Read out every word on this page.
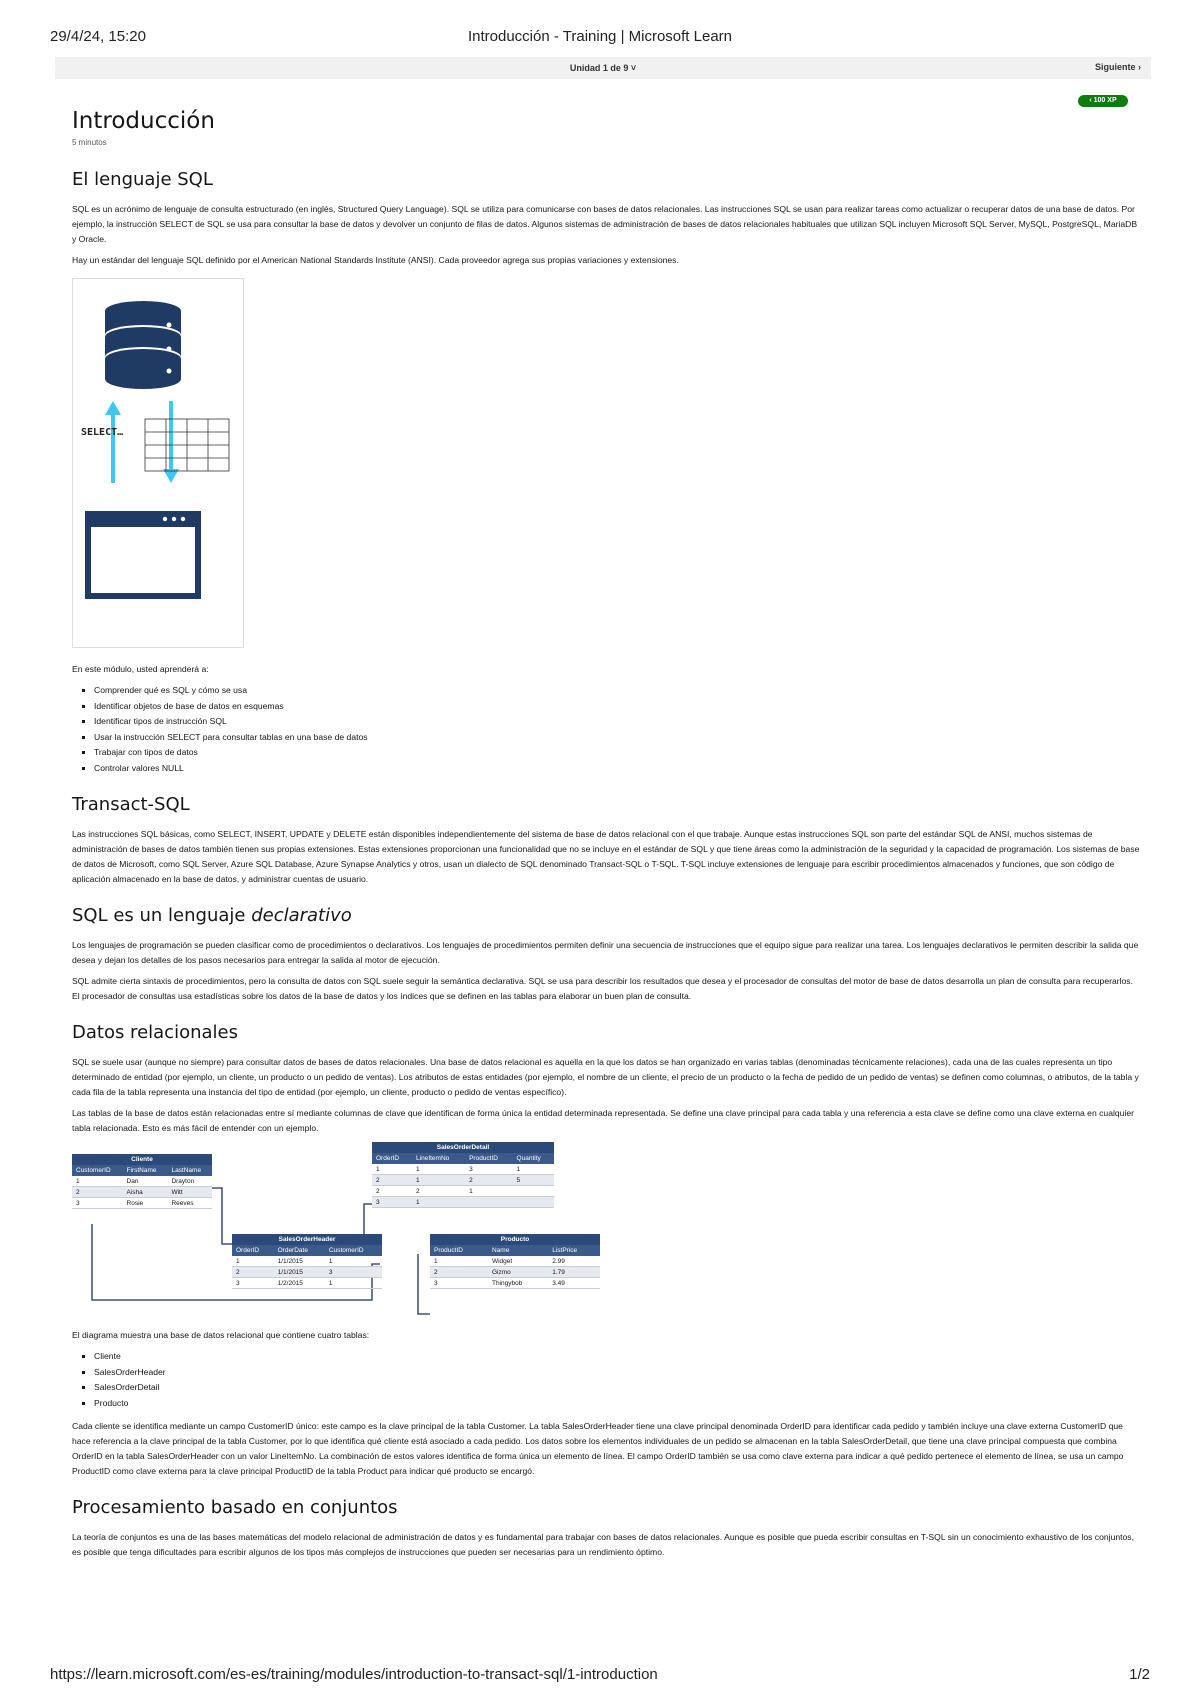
29/4/24, 15:20	Introducción - Training | Microsoft Learn
Unidad 1 de 9 ˅	Siguiente ›
‹ 100 XP
Introducción
5 minutos
El lenguaje SQL

SQL es un acrónimo de lenguaje de consulta estructurado (en inglés, Structured Query Language). SQL se utiliza para comunicarse con bases de datos relacionales. Las instrucciones SQL se usan para realizar tareas como actualizar o recuperar datos de una base de datos. Por ejemplo, la instrucción SELECT de SQL se usa para consultar la base de datos y devolver un conjunto de filas de datos. Algunos sistemas de administración de bases de datos relacionales habituales que utilizan SQL incluyen Microsoft SQL Server, MySQL, PostgreSQL, MariaDB y Oracle.

Hay un estándar del lenguaje SQL definido por el American National Standards Institute (ANSI). Cada proveedor agrega sus propias variaciones y extensiones.

SELECT…

En este módulo, usted aprenderá a:

▪ Comprender qué es SQL y cómo se usa
▪ Identificar objetos de base de datos en esquemas
▪ Identificar tipos de instrucción SQL
▪ Usar la instrucción SELECT para consultar tablas en una base de datos
▪ Trabajar con tipos de datos
▪ Controlar valores NULL
Transact-SQL

Las instrucciones SQL básicas, como SELECT, INSERT, UPDATE y DELETE están disponibles independientemente del sistema de base de datos relacional con el que trabaje. Aunque estas instrucciones SQL son parte del estándar SQL de ANSI, muchos sistemas de administración de bases de datos también tienen sus propias extensiones. Estas extensiones proporcionan una funcionalidad que no se incluye en el estándar de SQL y que tiene áreas como la administración de la seguridad y la capacidad de programación. Los sistemas de base de datos de Microsoft, como SQL Server, Azure SQL Database, Azure Synapse Analytics y otros, usan un dialecto de SQL denominado Transact-SQL o T-SQL. T-SQL incluye extensiones de lenguaje para escribir procedimientos almacenados y funciones, que son código de aplicación almacenado en la base de datos, y administrar cuentas de usuario.

SQL es un lenguaje declarativo

Los lenguajes de programación se pueden clasificar como de procedimientos o declarativos. Los lenguajes de procedimientos permiten definir una secuencia de instrucciones que el equipo sigue para realizar una tarea. Los lenguajes declarativos le permiten describir la salida que desea y dejan los detalles de los pasos necesarios para entregar la salida al motor de ejecución.

SQL admite cierta sintaxis de procedimientos, pero la consulta de datos con SQL suele seguir la semántica declarativa. SQL se usa para describir los resultados que desea y el procesador de consultas del motor de base de datos desarrolla un plan de consulta para recuperarlos. El procesador de consultas usa estadísticas sobre los datos de la base de datos y los índices que se definen en las tablas para elaborar un buen plan de consulta.

Datos relacionales

SQL se suele usar (aunque no siempre) para consultar datos de bases de datos relacionales. Una base de datos relacional es aquella en la que los datos se han organizado en varias tablas (denominadas técnicamente relaciones), cada una de las cuales representa un tipo determinado de entidad (por ejemplo, un cliente, un producto o un pedido de ventas). Los atributos de estas entidades (por ejemplo, el nombre de un cliente, el precio de un producto o la fecha de pedido de un pedido de ventas) se definen como columnas, o atributos, de la tabla y cada fila de la tabla representa una instancia del tipo de entidad (por ejemplo, un cliente, producto o pedido de ventas específico).

Las tablas de la base de datos están relacionadas entre sí mediante columnas de clave que identifican de forma única la entidad determinada representada. Se define una clave principal para cada tabla y una referencia a esta clave se define como una clave externa en cualquier tabla relacionada. Esto es más fácil de entender con un ejemplo.

Cliente		
CustomerID	FirstName	LastName
1	Dan	Drayton
2	Aisha	Witt
3	Rosie	Reeves
SalesOrderDetail			
OrderID	LineItemNo	ProductID	Quantity
1	1	3	1
2	1	2	5
2	2	1	
3	1		
SalesOrderHeader		
OrderID	OrderDate	CustomerID
1	1/1/2015	1
2	1/1/2015	3
3	1/2/2015	1
Producto		
ProductID	Name	ListPrice
1	Widget	2.99
2	Gizmo	1.79
3	Thingybob	3.49

El diagrama muestra una base de datos relacional que contiene cuatro tablas:

▪ Cliente
▪ SalesOrderHeader
▪ SalesOrderDetail
▪ Producto

Cada cliente se identifica mediante un campo CustomerID único: este campo es la clave principal de la tabla Customer. La tabla SalesOrderHeader tiene una clave principal denominada OrderID para identificar cada pedido y también incluye una clave externa CustomerID que hace referencia a la clave principal de la tabla Customer, por lo que identifica qué cliente está asociado a cada pedido. Los datos sobre los elementos individuales de un pedido se almacenan en la tabla SalesOrderDetail, que tiene una clave principal compuesta que combina OrderID en la tabla SalesOrderHeader con un valor LineItemNo. La combinación de estos valores identifica de forma única un elemento de línea. El campo OrderID también se usa como clave externa para indicar a qué pedido pertenece el elemento de línea, se usa un campo ProductID como clave externa para la clave principal ProductID de la tabla Product para indicar qué producto se encargó.

Procesamiento basado en conjuntos

La teoría de conjuntos es una de las bases matemáticas del modelo relacional de administración de datos y es fundamental para trabajar con bases de datos relacionales. Aunque es posible que pueda escribir consultas en T-SQL sin un conocimiento exhaustivo de los conjuntos, es posible que tenga dificultades para escribir algunos de los tipos más complejos de instrucciones que pueden ser necesarias para un rendimiento óptimo.

https://learn.microsoft.com/es-es/training/modules/introduction-to-transact-sql/1-introduction	1/2
